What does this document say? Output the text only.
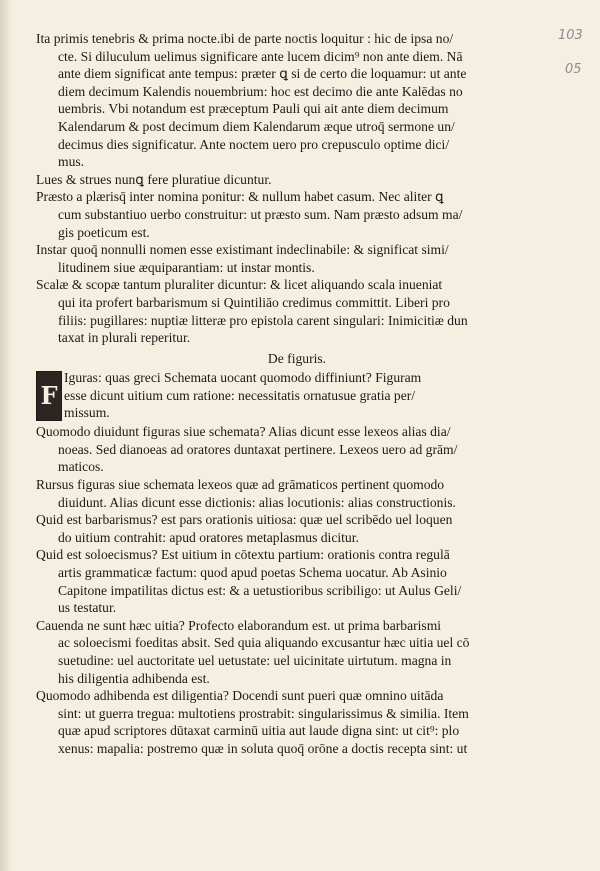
103
05
Ita primis tenebris & prima nocte.ibi de parte noctis loquitur : hic de ipsa no/
cte. Si diluculum uelimus significare ante lucem dicim⁹ non ante diem. Nā
ante diem significat ante tempus: præter ꝗ si de certo die loquamur: ut ante
diem decimum Kalendis nouembrium: hoc est decimo die ante Kalēdas no
uembris. Vbi notandum est præceptum Pauli qui ait ante diem decimum
Kalendarum & post decimum diem Kalendarum æque utroq̄ sermone un/
decimus dies significatur. Ante noctem uero pro crepusculo optime dici/
mus.
Lues & strues nunꝗ fere pluratiue dicuntur.
Præsto a plærisq̄ inter nomina ponitur: & nullum habet casum. Nec aliter ꝗ
cum substantiuo uerbo construitur: ut præsto sum. Nam præsto adsum ma/
gis poeticum est.
Instar quoq̄ nonnulli nomen esse existimant indeclinabile: & significat simi/
litudinem siue æquiparantiam: ut instar montis.
Scalæ & scopæ tantum pluraliter dicuntur: & licet aliquando scala inueniat
qui ita profert barbarismum si Quintiliāo credimus committit. Liberi pro
filiis: pugillares: nuptiæ litteræ pro epistola carent singulari: Inimicitiæ dun
taxat in plurali reperitur.
De figuris.
F
Iguras: quas greci Schemata uocant quomodo diffiniunt? Figuram
esse dicunt uitium cum ratione: necessitatis ornatusue gratia per/
missum.
Quomodo diuidunt figuras siue schemata? Alias dicunt esse lexeos alias dia/
noeas. Sed dianoeas ad oratores duntaxat pertinere. Lexeos uero ad grām/
maticos.
Rursus figuras siue schemata lexeos quæ ad grāmaticos pertinent quomodo
diuidunt. Alias dicunt esse dictionis: alias locutionis: alias constructionis.
Quid est barbarismus? est pars orationis uitiosa: quæ uel scribēdo uel loquen
do uitium contrahit: apud oratores metaplasmus dicitur.
Quid est soloecismus? Est uitium in cōtextu partium: orationis contra regulā
artis grammaticæ factum: quod apud poetas Schema uocatur. Ab Asinio
Capitone impatilitas dictus est: & a uetustioribus scribiligo: ut Aulus Geli/
us testatur.
Cauenda ne sunt hæc uitia? Profecto elaborandum est. ut prima barbarismi
ac soloecismi foeditas absit. Sed quia aliquando excusantur hæc uitia uel cō
suetudine: uel auctoritate uel uetustate: uel uicinitate uirtutum. magna in
his diligentia adhibenda est.
Quomodo adhibenda est diligentia? Docendi sunt pueri quæ omnino uitāda
sint: ut guerra tregua: multotiens prostrabit: singularissimus & similia. Item
quæ apud scriptores dūtaxat carminū uitia aut laude digna sint: ut cit⁹: plo
xenus: mapalia: postremo quæ in soluta quoq̄ orōne a doctis recepta sint: ut
